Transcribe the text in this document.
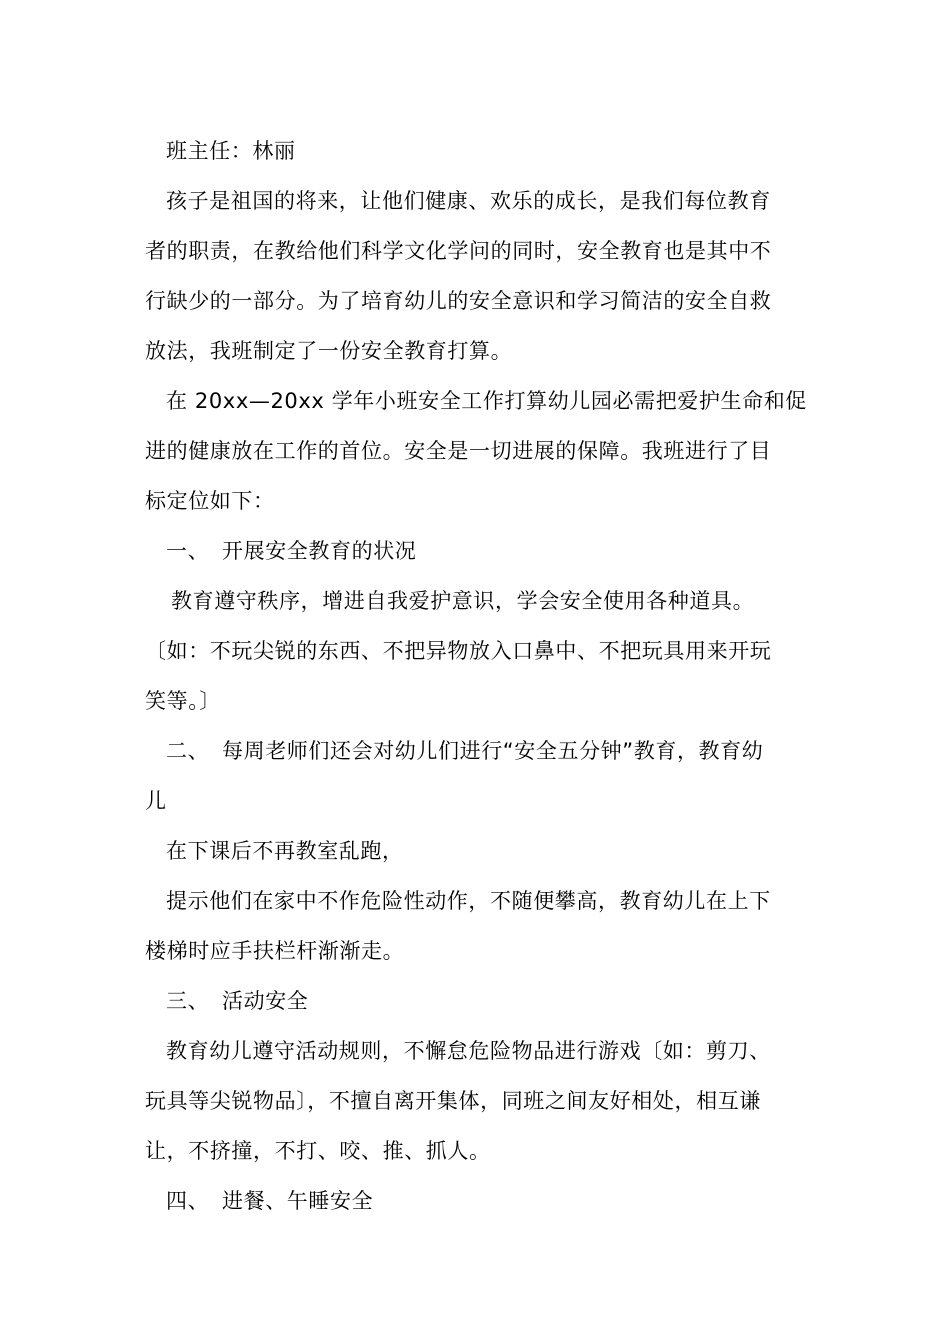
班主任：林丽
孩子是祖国的将来，让他们健康、欢乐的成长，是我们每位教育
者的职责，在教给他们科学文化学问的同时，安全教育也是其中不
行缺少的一部分。为了培育幼儿的安全意识和学习简洁的安全自救
放法，我班制定了一份安全教育打算。
在 20xx—20xx 学年小班安全工作打算幼儿园必需把爱护生命和促
进的健康放在工作的首位。安全是一切进展的保障。我班进行了目
标定位如下：
一、 开展安全教育的状况
教育遵守秩序，增进自我爱护意识，学会安全使用各种道具。
〔如：不玩尖锐的东西、不把异物放入口鼻中、不把玩具用来开玩
笑等。〕
二、 每周老师们还会对幼儿们进行“安全五分钟”教育，教育幼
儿
在下课后不再教室乱跑，
提示他们在家中不作危险性动作，不随便攀高，教育幼儿在上下
楼梯时应手扶栏杆渐渐走。
三、 活动安全
教育幼儿遵守活动规则，不懈怠危险物品进行游戏〔如：剪刀、
玩具等尖锐物品〕，不擅自离开集体，同班之间友好相处，相互谦
让，不挤撞，不打、咬、推、抓人。
四、 进餐、午睡安全
